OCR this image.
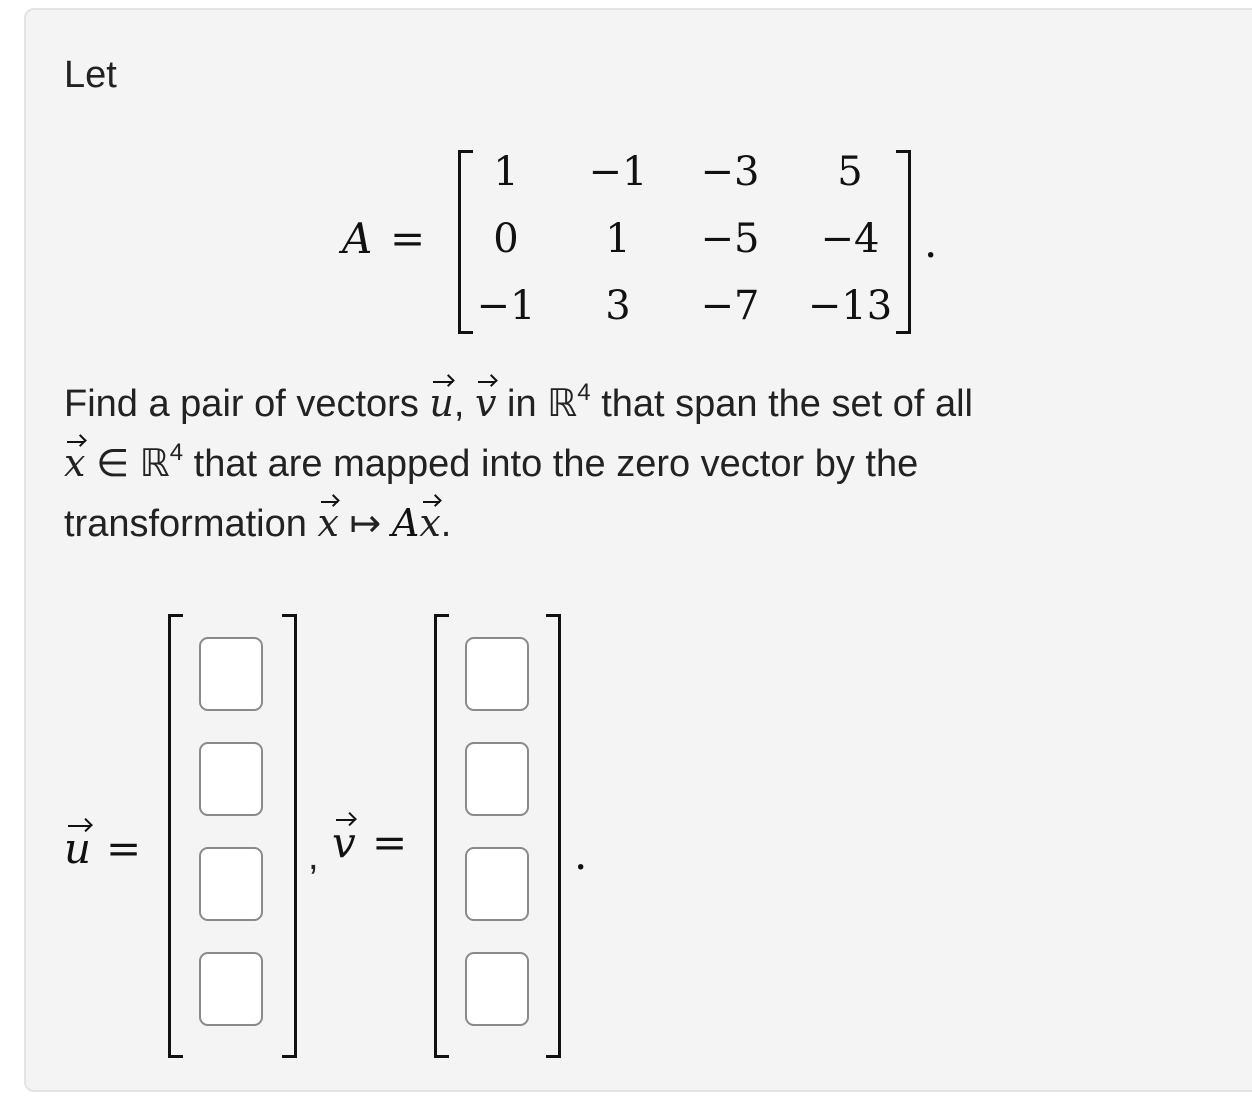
Let
A =
1	−1	−3	5
0	1	−5	−4
−1	3	−7	−13
.
Find a pair of vectors u, v in ℝ$^4$ that span the set of all
x ∈ ℝ$^4$ that are mapped into the zero vector by the
transformation x ↦ Ax.
u =	, v =	.
